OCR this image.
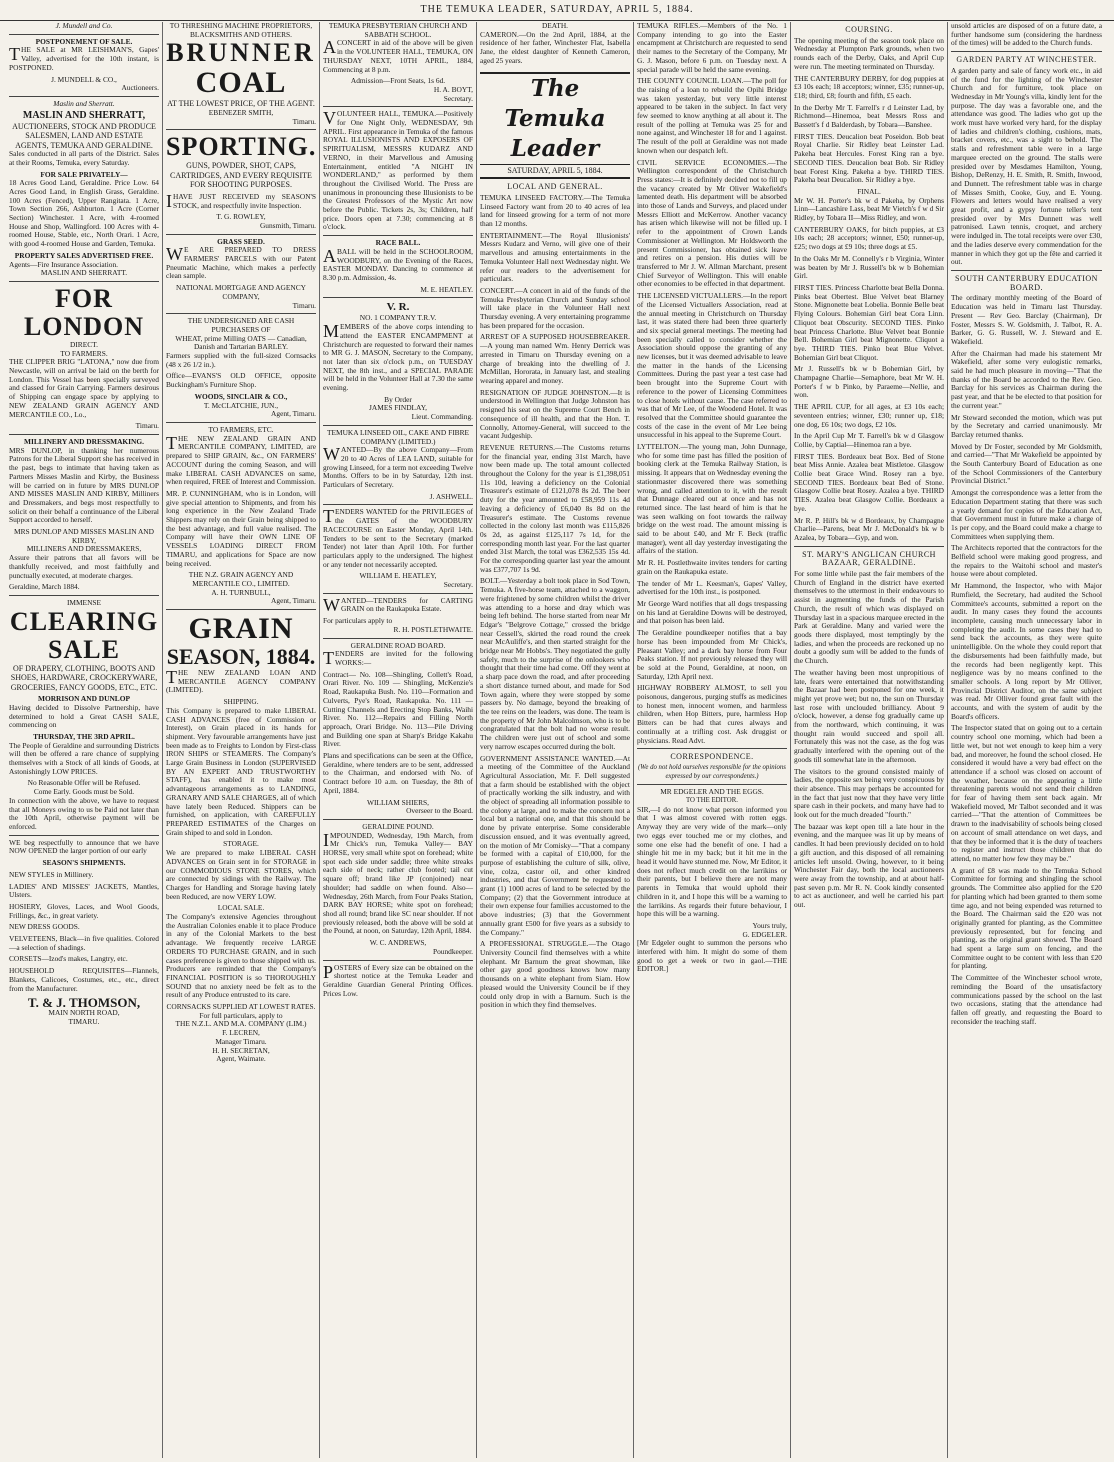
THE TEMUKA LEADER, SATURDAY, APRIL 5, 1884.
J. Mundell and Co.
POSTPONEMENT OF SALE.

THE SALE at MR LEISHMAN'S, Gapes' Valley, advertised for the 10th instant, is POSTPONED.

J. MUNDELL & CO.,
Auctioneers.
Maslin and Sherratt.
MASLIN AND SHERRATT,
AUCTIONEERS, STOCK AND PRODUCE SALESMEN, LAND AND ESTATE AGENTS, TEMUKA AND GERALDINE.

Sales conducted in all parts of the District. Sales at their Rooms, Temuka, every Saturday.

FOR SALE PRIVATELY—

18 Acres Good Land, Geraldine. Price Low. 64 Acres Good Land, in English Grass, Geraldine. 100 Acres (Fenced), Upper Rangitata. 1 Acre, Town Section 266, Ashburton. 1 Acre (Corner Section) Winchester. 1 Acre, with 4-roomed House and Shop, Wallingford. 100 Acres with 4-roomed House, Stable, etc., North Orari. 1 Acre, with good 4-roomed House and Garden, Temuka.

PROPERTY SALES ADVERTISED FREE.
Agents—Fire Insurance Association.
MASLIN AND SHERRATT.
FOR LONDON
DIRECT.
TO FARMERS.

THE CLIPPER BRIG "LATONA," now due from Newcastle, will on arrival be laid on the berth for London. This Vessel has been specially surveyed and classed for Grain Carrying. Farmers desirous of Shipping can engage space by applying to NEW ZEALAND GRAIN AGENCY AND MERCANTILE CO., Lo.,

Timaru.
MILLINERY AND DRESSMAKING.

MRS DUNLOP, in thanking her numerous Patrons for the Liberal Support she has received in the past, begs to intimate that having taken as Partners Misses Maslin and Kirby, the Business will be carried on in future by MRS DUNLOP AND MISSES MASLIN AND KIRBY, Milliners and Dressmakers, and begs most respectfully to solicit on their behalf a continuance of the Liberal Support accorded to herself.

MRS DUNLOP AND MISSES MASLIN AND KIRBY,
MILLINERS AND DRESSMAKERS,

Assure their patrons that all favors will be thankfully received, and most faithfully and punctually executed, at moderate charges.

Geraldine, March 1884.
IMMENSE
CLEARING
SALE
OF DRAPERY, CLOTHING, BOOTS AND SHOES, HARDWARE, CROCKERYWARE, GROCERIES, FANCY GOODS, ETC., ETC.
MORRISON AND DUNLOP

Having decided to Dissolve Partnership, have determined to hold a Great CASH SALE, commencing on

THURSDAY, THE 3RD APRIL.

The People of Geraldine and surrounding Districts will then be offered a rare chance of supplying themselves with a Stock of all kinds of Goods, at Astonishingly LOW PRICES.

No Reasonable Offer will be Refused.
Come Early. Goods must be Sold.

In connection with the above, we have to request that all Moneys owing to us be Paid not later than the 10th April, otherwise payment will be enforced.

WE beg respectfully to announce that we have NOW OPENED the larger portion of our early

SEASON'S SHIPMENTS.

NEW STYLES in Millinery.

LADIES' AND MISSES' JACKETS, Mantles, Ulsters.

HOSIERY, Gloves, Laces, and Wool Goods, Frillings, &c., in great variety.

NEW DRESS GOODS.

VELVETEENS, Black—in five qualities. Colored—a selection of shadings.

CORSETS—Izod's makes, Langtry, etc.

HOUSEHOLD REQUISITES—Flannels, Blankets, Calicoes, Costumes, etc., etc., direct from the Manufacturer.

T. & J. THOMSON,
MAIN NORTH ROAD,
TIMARU.
TO THRESHING MACHINE PROPRIETORS, BLACKSMITHS AND OTHERS.
BRUNNER
COAL
AT THE LOWEST PRICE, OF THE AGENT.
EBENEZER SMITH,
Timaru.
SPORTING.
GUNS, POWDER, SHOT, CAPS, CARTRIDGES, AND EVERY REQUISITE FOR SHOOTING PURPOSES.

IHAVE JUST RECEIVED my SEASON'S STOCK, and respectfully invite Inspection.

T. G. ROWLEY,
Gunsmith, Timaru.
GRASS SEED.

WE ARE PREPARED TO DRESS FARMERS' PARCELS with our Patent Pneumatic Machine, which makes a perfectly clean sample.

NATIONAL MORTGAGE AND AGENCY COMPANY,
Timaru.
THE UNDERSIGNED ARE CASH PURCHASERS OF
WHEAT, prime Milling OATS — Canadian, Danish and Tartarian BARLEY.

Farmers supplied with the full-sized Cornsacks (48 x 26 1/2 in.).

Office—EVANS'S OLD OFFICE, opposite Buckingham's Furniture Shop.

WOODS, SINCLAIR & CO.,
T. McCLATCHIE, JUN.,
Agent, Timaru.
TO FARMERS, ETC.

THE NEW ZEALAND GRAIN AND MERCANTILE COMPANY, LIMITED, are prepared to SHIP GRAIN, &c., ON FARMERS' ACCOUNT during the coming Season, and will make LIBERAL CASH ADVANCES on same, when required, FREE of Interest and Commission.

MR. P. CUNNINGHAM, who is in London, will give special attention to Shipments, and from his long experience in the New Zealand Trade Shippers may rely on their Grain being shipped to the best advantage, and full value realised. The Company will have their OWN LINE OF VESSELS LOADING DIRECT FROM TIMARU, and applications for Space are now being received.

THE N.Z. GRAIN AGENCY AND MERCANTILE CO., LIMITED.
A. H. TURNBULL,
Agent, Timaru.
GRAIN
SEASON, 1884.

THE NEW ZEALAND LOAN AND MERCANTILE AGENCY COMPANY (LIMITED).

SHIPPING.

This Company is prepared to make LIBERAL CASH ADVANCES (free of Commission or Interest), on Grain placed in its hands for shipment. Very favourable arrangements have just been made as to Freights to London by First-class IRON SHIPS or STEAMERS. The Company's Large Grain Business in London (SUPERVISED BY AN EXPERT AND TRUSTWORTHY STAFF), has enabled it to make most advantageous arrangements as to LANDING, GRANARY AND SALE CHARGES, all of which have lately been Reduced. Shippers can be furnished, on application, with CAREFULLY PREPARED ESTIMATES of the Charges on Grain shiped to and sold in London.

STORAGE.

We are prepared to make LIBERAL CASH ADVANCES on Grain sent in for STORAGE in our COMMODIOUS STONE STORES, which are connected by sidings with the Railway. The Charges for Handling and Storage having lately been Reduced, are now VERY LOW.

LOCAL SALE.

The Company's extensive Agencies throughout the Australian Colonies enable it to place Produce in any of the Colonial Markets to the best advantage. We frequently receive LARGE ORDERS TO PURCHASE GRAIN, and in such cases preference is given to those shipped with us. Producers are reminded that the Company's FINANCIAL POSITION is so THOROUGHLY SOUND that no anxiety need be felt as to the result of any Produce entrusted to its care.

CORNSACKS SUPPLIED AT LOWEST RATES.
For full particulars, apply to
THE N.Z.L. AND M.A. COMPANY (LIM.)
F. LECREN,
Manager Timaru.
H. H. SECRETAN,
Agent, Waimate.
TEMUKA PRESBYTERIAN CHURCH AND SABBATH SCHOOL.

ACONCERT in aid of the above will be given in the VOLUNTEER HALL, TEMUKA, ON THURSDAY NEXT, 10TH APRIL, 1884, Commencing at 8 p.m.

Admission—Front Seats, 1s 6d.
H. A. BOYT,
Secretary.

VOLUNTEER HALL, TEMUKA.—Positively for One Night Only, WEDNESDAY, 9th APRIL. First appearance in Temuka of the famous ROYAL ILLUSIONISTS AND EXPOSERS OF SPIRITUALISM, MESSRS KUDARZ AND VERNO, in their Marvellous and Amusing Entertainment, entitled "A NIGHT IN WONDERLAND," as performed by them throughout the Civilised World. The Press are unanimous in pronouncing these Illusionists to be the Greatest Professors of the Mystic Art now before the Public. Tickets 2s, 3s; Children, half price. Doors open at 7.30; commencing at 8 o'clock.

RACE BALL.

ABALL will be held in the SCHOOLROOM, WOODBURY, on the Evening of the Races, EASTER MONDAY. Dancing to commence at 8.30 p.m. Admission, 4s.

M. E. HEATLEY.
V. R.
NO. 1 COMPANY T.R.V.

MEMBERS of the above corps intending to attend the EASTER ENCAMPMENT at Christchurch are requested to forward their names to MR G. J. MASON, Secretary to the Company, not later than six o'clock p.m., on TUESDAY NEXT, the 8th inst., and a SPECIAL PARADE will be held in the Volunteer Hall at 7.30 the same evening.

By Order
JAMES FINDLAY,
Lieut. Commanding.
TEMUKA LINSEED OIL, CAKE AND FIBRE COMPANY (LIMITED.)

WANTED—By the above Company—From 20 to 40 Acres of LEA LAND, suitable for growing Linseed, for a term not exceeding Twelve Months. Offers to be in by Saturday, 12th inst. Particulars of Secretary.

J. ASHWELL.

TENDERS WANTED for the PRIVILEGES of the GATES of the WOODBURY RACECOURSE on Easter Monday, April 14th. Tenders to be sent to the Secretary (marked Tender) not later than April 10th. For further particulars apply to the undersigned. The highest or any tender not necessarily accepted.

WILLIAM E. HEATLEY,
Secretary.

WANTED—TENDERS for CARTING GRAIN on the Raukapuka Estate.

For particulars apply to
R. H. POSTLETHWAITE.
GERALDINE ROAD BOARD.

TENDERS are invited for the following WORKS:—

Contract— No. 108—Shingling, Collett's Road, Orari River. No. 109 — Shingling, McKenzie's Road, Raukapuka Bush. No. 110—Formation and Culverts, Pye's Road, Raukapuka. No. 111 — Cutting Channels and Erecting Stop Banks, Waihi River. No. 112—Repairs and Filling North approach, Orari Bridge. No. 113—Pile Driving and Building one span at Sharp's Bridge Kakahu River.

Plans and specifications can be seen at the Office, Geraldine, where tenders are to be sent, addressed to the Chairman, and endorsed with No. of Contract before 10 a.m. on Tuesday, the 8th of April, 1884.

WILLIAM SHIERS,
Overseer to the Board.
GERALDINE POUND.

IMPOUNDED, Wednesday, 19th March, from Mr Chick's run, Temuka Valley— BAY HORSE, very small white spot on forehead; white spot each side under saddle; three white streaks each side of neck; rather club footed; tail cut square off; brand like JP (conjoined) near shoulder; had saddle on when found. Also—Wednesday, 26th March, from Four Peaks Station, DARK BAY HORSE; white spot on forehead; shod all round; brand like SC near shoulder. If not previously released, both the above will be sold at the Pound, at noon, on Saturday, 12th April, 1884.

W. C. ANDREWS,
Poundkeeper.

POSTERS of Every size can be obtained on the shortest notice at the Temuka Leader and Geraldine Guardian General Printing Offices. Prices Low.

DEATH.

CAMERON.—On the 2nd April, 1884, at the residence of her father, Winchester Flat, Isabella Jane, the eldest daughter of Kenneth Cameron, aged 25 years.

The Temuka Leader
SATURDAY, APRIL 5, 1884.
LOCAL AND GENERAL.

TEMUKA LINSEED FACTORY.—The Temuka Linseed Factory want from 20 to 40 acres of lea land for linseed growing for a term of not more than 12 months.

ENTERTAINMENT.—The Royal Illusionists' Messrs Kudarz and Verno, will give one of their marvellous and amusing entertainments in the Temuka Volunteer Hall next Wednesday night. We refer our readers to the advertisement for particulars.

CONCERT.—A concert in aid of the funds of the Temuka Presbyterian Church and Sunday school will take place in the Volunteer Hall next Thursday evening. A very entertaining programme has been prepared for the occasion.

ARREST OF A SUPPOSED HOUSEBREAKER.—A young man named Wm. Henry Derrick was arrested in Timaru on Thursday evening on a charge of breaking into the dwelling of J. McMillan, Hororata, in January last, and stealing wearing apparel and money.

RESIGNATION OF JUDGE JOHNSTON.—It is understood in Wellington that Judge Johnston has resigned his seat on the Supreme Court Bench in consequence of ill health, and that the Hon. T. Connolly, Attorney-General, will succeed to the vacant Judgeship.

REVENUE RETURNS.—The Customs returns for the financial year, ending 31st March, have now been made up. The total amount collected throughout the Colony for the year is £1,398,051 11s 10d, leaving a deficiency on the Colonial Treasurer's estimate of £121,078 8s 2d. The beer duty for the year amounted to £58,959 11s 4d leaving a deficiency of £6,040 8s 8d on the Treasurer's estimate. The Customs revenue collected in the colony last month was £115,826 0s 2d, as against £125,117 7s 1d, for the corresponding month last year. For the last quarter ended 31st March, the total was £362,535 15s 4d. For the corresponding quarter last year the amount was £377,707 1s 9d.

BOLT.—Yesterday a bolt took place in Sod Town, Temuka. A five-horse team, attached to a waggon, were frightened by some children whilst the driver was attending to a horse and dray which was being left behind. The horse started from near Mr Edgar's "Belgrove Cottage," crossed the bridge near Cessell's, skirted the road round the creek near McAuliffe's, and then started straight for the bridge near Mr Hobbs's. They negotiated the gully safely, much to the surprise of the onlookers who thought that their time had come. Off they went at a sharp pace down the road, and after proceeding a short distance turned about, and made for Sod Town again, where they were stopped by some passers by. No damage, beyond the breaking of the tee reins on the leaders, was done. The team is the property of Mr John Malcolmson, who is to be congratulated that the bolt had no worse result. The children were just out of school and some very narrow escapes occurred during the bolt.

GOVERNMENT ASSISTANCE WANTED.—At a meeting of the Committee of the Auckland Agricultural Association, Mr. F. Dell suggested that a farm should be established with the object of practically working the silk industry, and with the object of spreading all information possible to the colony at large, and to make the concern not a local but a national one, and that this should be done by private enterprise. Some considerable discussion ensued, and it was eventually agreed, on the motion of Mr Comisky—"That a company be formed with a capital of £10,000, for the purpose of establishing the culture of silk, olive, vine, colza, castor oil, and other kindred industries, and that Government be requested to grant (1) 1000 acres of land to be selected by the Company; (2) that the Government introduce at their own expense four families accustomed to the above industries; (3) that the Government annually grant £500 for five years as a subsidy to the Company."

A PROFESSIONAL STRUGGLE.—The Otago University Council find themselves with a white elephant. Mr Barnum the great showman, like other gay good goodness knows how many thousands on a white elephant from Siam. How pleased would the University Council be if they could only drop in with a Barnum. Such is the position in which they find themselves.

TEMUKA RIFLES.—Members of the No. 1 Company intending to go into the Easter encampment at Christchurch are requested to send their names to the Secretary of the Company, Mr G. J. Mason, before 6 p.m. on Tuesday next. A special parade will be held the same evening.

THE COUNTY COUNCIL LOAN.—The poll for the raising of a loan to rebuild the Opihi Bridge was taken yesterday, but very little interest appeared to be taken in the subject. In fact very few seemed to know anything at all about it. The result of the polling at Temuka was 25 for and none against, and Winchester 18 for and 1 against. The result of the poll at Geraldine was not made known when our despatch left.

CIVIL SERVICE ECONOMIES.—The Wellington correspondent of the Christchurch Press states:—It is definitely decided not to fill up the vacancy created by Mr Oliver Wakefield's lamented death. His department will be absorbed into those of Lands and Surveys, and placed under Messrs Elliott and McKerrow. Another vacancy has arisen which likewise will not be filled up. I refer to the appointment of Crown Lands Commissioner at Wellington. Mr Holdsworth the present Commissioner, has obtained sick leave and retires on a pension. His duties will be transferred to Mr J. W. Allman Marchant, present Chief Surveyor of Wellington. This will enable other economies to be effected in that department.

THE LICENSED VICTUALLERS.—In the report of the Licensed Victuallers Association, read at the annual meeting in Christchurch on Thursday last, it was stated there had been three quarterly and six special general meetings. The meeting had been specially called to consider whether the Association should oppose the granting of any new licenses, but it was deemed advisable to leave the matter in the hands of the Licensing Committees. During the past year a test case had been brought into the Supreme Court with reference to the power of Licensing Committees to close hotels without cause. The case referred to was that of Mr Lee, of the Woodend Hotel. It was resolved that the Committee should guarantee the costs of the case in the event of Mr Lee being unsuccessful in his appeal to the Supreme Court.

LYTTELTON.—The young man, John Dunnage, who for some time past has filled the position of booking clerk at the Temuka Railway Station, is missing. It appears that on Wednesday evening the stationmaster discovered there was something wrong, and called attention to it, with the result that Dunnage cleared out at once and has not returned since. The last heard of him is that he was seen walking on foot towards the railway bridge on the west road. The amount missing is said to be about £40, and Mr F. Beck (traffic manager), went all day yesterday investigating the affairs of the station.

Mr R. H. Postlethwaite invites tenders for carting grain on the Raukapuka estate.

The tender of Mr L. Keesman's, Gapes' Valley, advertised for the 10th inst., is postponed.

Mr George Ward notifies that all dogs trespassing on his land at Geraldine Downs will be destroyed, and that poison has been laid.

The Geraldine poundkeeper notifies that a bay horse has been impounded from Mr Chick's, Pleasant Valley; and a dark bay horse from Four Peaks station. If not previously released they will be sold at the Pound, Geraldine, at noon, on Saturday, 12th April next.

HIGHWAY ROBBERY ALMOST, to sell you poisonous, dangerous, purging stuffs as medicines to honest men, innocent women, and harmless children, when Hop Bitters, pure, harmless Hop Bitters can be had that cures always and continually at a trifling cost. Ask druggist or physicians. Read Advt.

CORRESPONDENCE.
(We do not hold ourselves responsible for the opinions expressed by our correspondents.)
MR EDGELER AND THE EGGS.
TO THE EDITOR.

SIR,—I do not know what person informed you that I was almost covered with rotten eggs. Anyway they are very wide of the mark—only two eggs ever touched me or my clothes, and some one else had the benefit of one. I had a shingle hit me in my back; but it hit me in the head it would have stunned me. Now, Mr Editor, it does not reflect much credit on the larrikins or their parents, but I believe there are not many parents in Temuka that would uphold their children in it, and I hope this will be a warning to the larrikins. As regards their future behaviour, I hope this will be a warning.

Yours truly,
G. EDGELER.

[Mr Edgeler ought to summon the persons who interfered with him. It might do some of them good to get a week or two in gaol.—THE EDITOR.]

COURSING.

The opening meeting of the season took place on Wednesday at Plumpton Park grounds, when two rounds each of the Derby, Oaks, and April Cup were run. The meeting terminated on Thursday.

THE CANTERBURY DERBY, for dog puppies at £3 10s each; 18 acceptors; winner, £35; runner-up, £18; third, £8; fourth and fifth, £5 each.

In the Derby Mr T. Farrell's r d Leinster Lad, by Richmond—Hinemoa, beat Messrs Ross and Bassett's f d Balderdash, by Tobara—Banshee.

FIRST TIES. Deucalion beat Poseidon. Bob beat Royal Charlie. Sir Ridley beat Leinster Lad. Pakeha beat Hercules. Forest King ran a bye. SECOND TIES. Deucalion beat Bob. Sir Ridley beat Forest King. Pakeha a bye. THIRD TIES. Pakeha beat Deucalion. Sir Ridley a bye.

FINAL.

Mr W. H. Porter's bk w d Pakeha, by Orphens Linn—Lancashire Lass, beat Mr Vietch's f w d Sir Ridley, by Tobara II—Miss Ridley, and won.

CANTERBURY OAKS, for bitch puppies, at £3 10s each; 28 acceptors; winner, £50; runner-up, £25; two dogs at £9 10s; three dogs at £5.

In the Oaks Mr M. Connelly's r b Virginia, Winter was beaten by Mr J. Russell's bk w b Bohemian Girl.

FIRST TIES. Princess Charlotte beat Bella Donna. Pinks beat Obertest. Blue Velvet beat Blarney Stone. Mignonette beat Lobelia. Bonnie Belle beat Flying Colours. Bohemian Girl beat Cora Linn. Cliquot beat Obscurity. SECOND TIES. Pinko beat Princess Charlotte. Blue Velvet beat Bonnie Bell. Bohemian Girl beat Mignonette. Cliquot a bye. THIRD TIES. Pinko beat Blue Velvet. Bohemian Girl beat Cliquot.

Mr J. Russell's bk w b Bohemian Girl, by Champagne Charlie—Semaphore, beat Mr W. H. Porter's f w b Pinko, by Paraeme—Nellie, and won.

THE APRIL CUP, for all ages, at £3 10s each; seventeen entries; winner, £30; runner up, £18; one dog, £6 10s; two dogs, £2 10s.

In the April Cup Mr T. Farrell's bk w d Glasgow Collie, by Captial—Hinemoa ran a bye.

FIRST TIES. Bordeaux beat Box. Bed of Stone beat Miss Annie. Azalea beat Mistletoe. Glasgow Collie beat Grace Wind. Rosey ran a bye. SECOND TIES. Bordeaux beat Bed of Stone. Glasgow Collie beat Rosey. Azalea a bye. THIRD TIES. Azalea beat Glasgow Collie. Bordeaux a bye.

Mr R. P. Hill's bk w d Bordeaux, by Champagne Charlie—Parens, beat Mr J. McDonald's bk w b Azalea, by Tobara—Gyp, and won.

ST. MARY'S ANGLICAN CHURCH BAZAAR, GERALDINE.

For some little while past the fair members of the Church of England in the district have exerted themselves to the uttermost in their endeavours to assist in augmenting the funds of the Parish Church, the result of which was displayed on Thursday last in a spacious marquee erected in the Park at Geraldine. Many and varied were the goods there displayed, most temptingly by the ladies, and when the proceeds are reckoned up no doubt a goodly sum will be added to the funds of the Church.

The weather having been most unpropitious of late, fears were entertained that notwithstanding the Bazaar had been postponed for one week, it might yet prove wet; but no, the sun on Thursday last rose with unclouded brilliancy. About 9 o'clock, however, a dense fog gradually came up from the northward, which continuing, it was thought rain would succeed and spoil all. Fortunately this was not the case, as the fog was gradually interfered with the opening out of the goods till somewhat late in the afternoon.

The visitors to the ground consisted mainly of ladies, the opposite sex being very conspicuous by their absence. This may perhaps be accounted for in the fact that just now that they have very little spare cash in their pockets, and many have had to look out for the much dreaded "fourth."

The bazaar was kept open till a late hour in the evening, and the marquee was lit up by means of candles. It had been previously decided on to hold a gift auction, and this disposed of all remaining articles left unsold. Owing, however, to it being Winchester Fair day, both the local auctioneers were away from the township, and at about half-past seven p.m. Mr R. N. Cook kindly consented to act as auctioneer, and well he carried his part out.

unsold articles are disposed of on a future date, a further handsome sum (considering the hardness of the times) will be added to the Church funds.

GARDEN PARTY AT WINCHESTER.

A garden party and sale of fancy work etc., in aid of the fund for the lighting of the Winchester Church and for furniture, took place on Wednesday in Mr Young's villa, kindly lent for the purpose. The day was a favorable one, and the attendance was good. The ladies who got up the work must have worked very hard, for the display of ladies and children's clothing, cushions, mats, bracket covers, etc., was a sight to behold. The stalls and refreshment table were in a large marquee erected on the ground. The stalls were presided over by Mesdames Hamilton, Young, Bishop, DeRenzy, H. E. Smith, R. Smith, Inwood, and Dunnett. The refreshment table was in charge of Misses Smith, Cooke, Guy, and E. Young. Flowers and letters would have realised a very great profit, and a gypsy fortune teller's tent presided over by Mrs Dunnett was well patronised. Lawn tennis, croquet, and archery were indulged in. The total receipts were over £30, and the ladies deserve every commendation for the manner in which they got up the fête and carried it out.

SOUTH CANTERBURY EDUCATION BOARD.

The ordinary monthly meeting of the Board of Education was held in Timaru last Thursday. Present — Rev Geo. Barclay (Chairman), Dr Foster, Messrs S. W. Goldsmith, J. Talbot, R. A. Barker, G. G. Russell, W. J. Steward and E. Wakefield.

After the Chairman had made his statement Mr Wakefield, after some very eulogistic remarks, said he had much pleasure in moving—"That the thanks of the Board be accorded to the Rev. Geo. Barclay for his services as Chairman during the past year, and that he be elected to that position for the current year."

Mr Steward seconded the motion, which was put by the Secretary and carried unanimously. Mr Barclay returned thanks.

Moved by Dr Foster, seconded by Mr Goldsmith, and carried—"That Mr Wakefield be appointed by the South Canterbury Board of Education as one of the School Commissioners of the Canterbury Provincial District."

Amongst the correspondence was a letter from the Education Department stating that there was such a yearly demand for copies of the Education Act, that Government must in future make a charge of 1s per copy, and the Board could make a charge to Committees when supplying them.

The Architects reported that the contractors for the Belfield school were making good progress, and the repairs to the Waitohi school and master's house were about completed.

Mr Hammond, the Inspector, who with Major Rumfield, the Secretary, had audited the School Committee's accounts, submitted a report on the audit. In many cases they found the accounts incomplete, causing much unnecessary labor in completing the audit. In some cases they had to send back the accounts, as they were quite unintelligible. On the whole they could report that the disbursements had been faithfully made, but the records had been negligently kept. This negligence was by no means confined to the smaller schools. A long report by Mr Olliver, Provincial District Auditor, on the same subject was read. Mr Olliver found great fault with the accounts, and with the system of audit by the Board's officers.

The Inspector stated that on going out to a certain country school one morning, which had been a little wet, but not wet enough to keep him a very bad, and moreover, he found the school closed. He considered it would have a very bad effect on the attendance if a school was closed on account of the weather, because on the appearing a little threatening parents would not send their children for fear of having them sent back again. Mr Wakefield moved, Mr Talbot seconded and it was carried—"That the attention of Committees be drawn to the inadvisability of schools being closed on account of small attendance on wet days, and that they be informed that it is the duty of teachers to register and instruct those children that do attend, no matter how few they may be."

A grant of £8 was made to the Temuka School Committee for forming and shingling the school grounds. The Committee also applied for the £20 for planting which had been granted to them some time ago, and not being expended was returned to the Board. The Chairman said the £20 was not originally granted for planting, as the Committee previously represented, but for fencing and planting, as the original grant showed. The Board had spent a large sum on fencing, and the Committee ought to be content with less than £20 for planting.

The Committee of the Winchester school wrote, reminding the Board of the unsatisfactory communications passed by the school on the last two occasions, stating that the attendance had fallen off greatly, and requesting the Board to reconsider the teaching staff.
